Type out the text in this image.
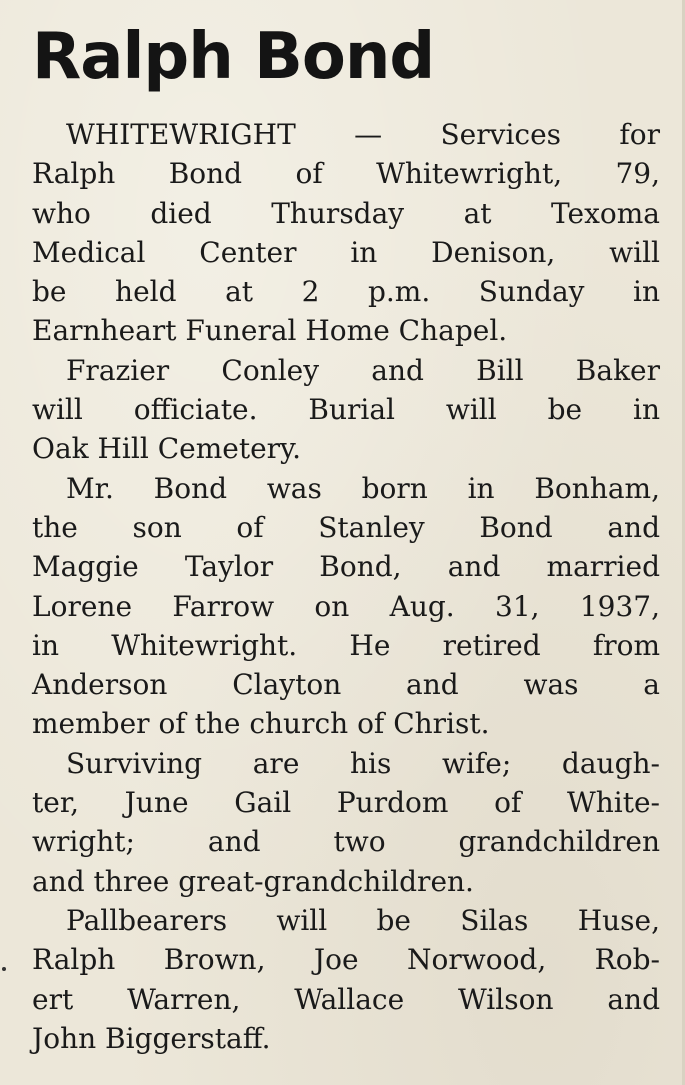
Ralph Bond
WHITEWRIGHT — Services for
Ralph Bond of Whitewright, 79,
who died Thursday at Texoma
Medical Center in Denison, will
be held at 2 p.m. Sunday in
Earnheart Funeral Home Chapel.
Frazier Conley and Bill Baker
will officiate. Burial will be in
Oak Hill Cemetery.
Mr. Bond was born in Bonham,
the son of Stanley Bond and
Maggie Taylor Bond, and married
Lorene Farrow on Aug. 31, 1937,
in Whitewright. He retired from
Anderson Clayton and was a
member of the church of Christ.
Surviving are his wife; daugh-
ter, June Gail Purdom of White-
wright; and two grandchildren
and three great-grandchildren.
Pallbearers will be Silas Huse,
Ralph Brown, Joe Norwood, Rob-
ert Warren, Wallace Wilson and
John Biggerstaff.
